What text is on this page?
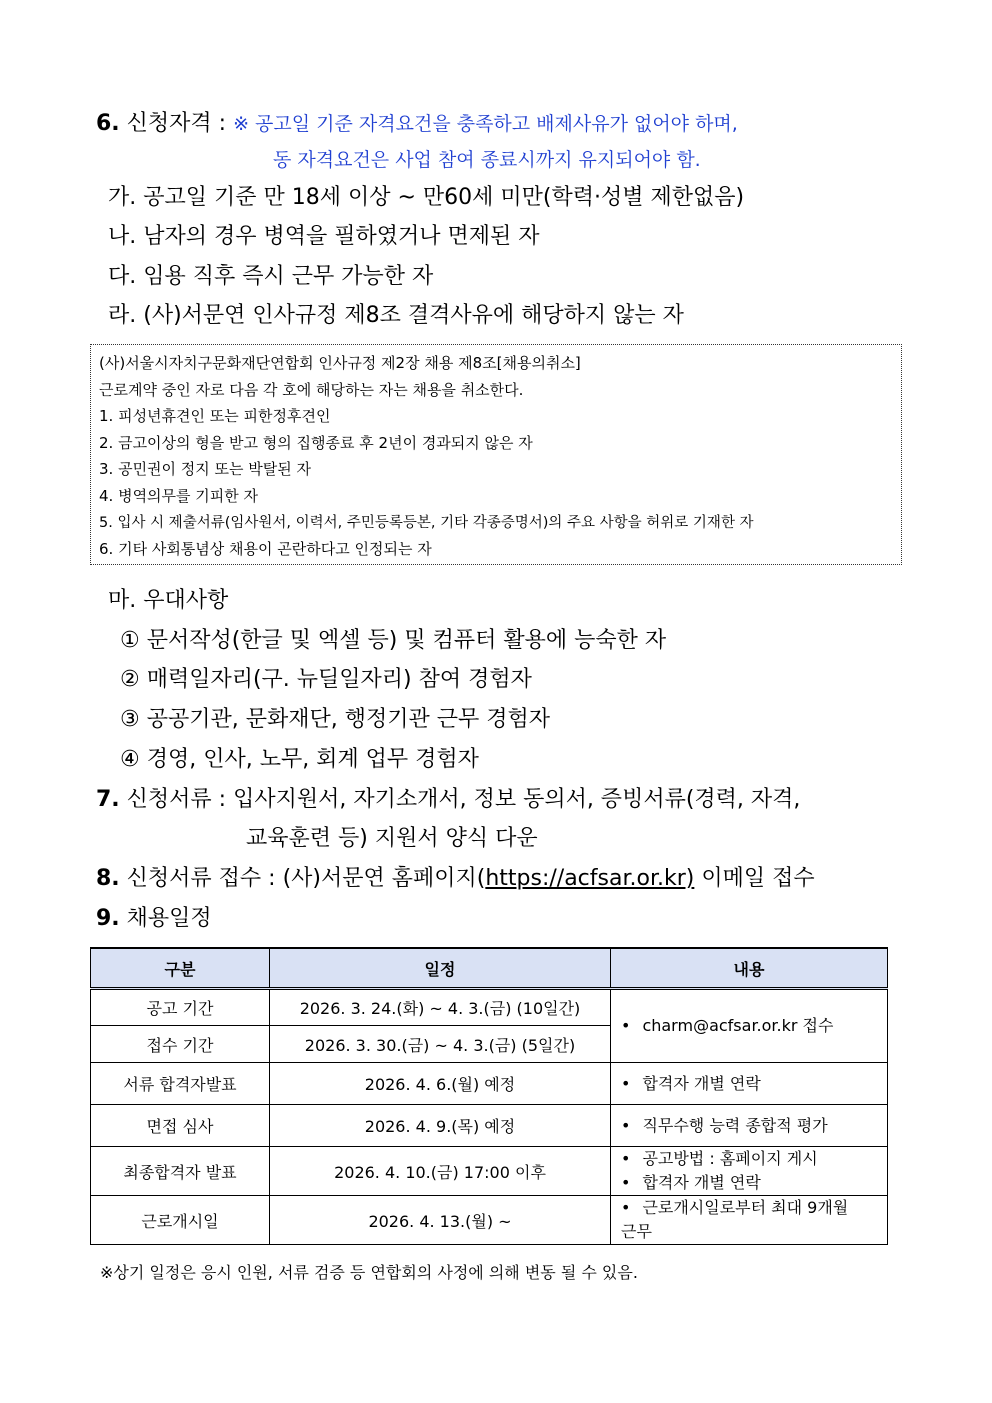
6. 신청자격 : ※ 공고일 기준 자격요건을 충족하고 배제사유가 없어야 하며,
동 자격요건은 사업 참여 종료시까지 유지되어야 함.
가. 공고일 기준 만 18세 이상 ~ 만60세 미만(학력·성별 제한없음)
나. 남자의 경우 병역을 필하였거나 면제된 자
다. 임용 직후 즉시 근무 가능한 자
라. (사)서문연 인사규정 제8조 결격사유에 해당하지 않는 자
(사)서울시자치구문화재단연합회 인사규정 제2장 채용 제8조[채용의취소]
근로계약 중인 자로 다음 각 호에 해당하는 자는 채용을 취소한다.
1. 피성년휴견인 또는 피한정후견인
2. 금고이상의 형을 받고 형의 집행종료 후 2년이 경과되지 않은 자
3. 공민권이 정지 또는 박탈된 자
4. 병역의무를 기피한 자
5. 입사 시 제출서류(임사원서, 이력서, 주민등록등본, 기타 각종증명서)의 주요 사항을 허위로 기재한 자
6. 기타 사회통념상 채용이 곤란하다고 인정되는 자
마. 우대사항
① 문서작성(한글 및 엑셀 등) 및 컴퓨터 활용에 능숙한 자
② 매력일자리(구. 뉴딜일자리) 참여 경험자
③ 공공기관, 문화재단, 행정기관 근무 경험자
④ 경영, 인사, 노무, 회계 업무 경험자
7. 신청서류 : 입사지원서, 자기소개서, 정보 동의서, 증빙서류(경력, 자격,
교육훈련 등) 지원서 양식 다운
8. 신청서류 접수 : (사)서문연 홈페이지(https://acfsar.or.kr) 이메일 접수
9. 채용일정
구분	일정	내용
공고 기간	2026. 3. 24.(화) ~ 4. 3.(금) (10일간)	• charm@acfsar.or.kr 접수

접수 기간	2026. 3. 30.(금) ~ 4. 3.(금) (5일간)	
서류 합격자발표	2026. 4. 6.(월) 예정	• 합격자 개별 연락

면접 심사	2026. 4. 9.(목) 예정	• 직무수행 능력 종합적 평가

최종합격자 발표	2026. 4. 10.(금) 17:00 이후	• 공고방법 : 홈페이지 게시
• 합격자 개별 연락

근로개시일	2026. 4. 13.(월) ~	• 근로개시일로부터 최대 9개월 근무
※상기 일정은 응시 인원, 서류 검증 등 연합회의 사정에 의해 변동 될 수 있음.
